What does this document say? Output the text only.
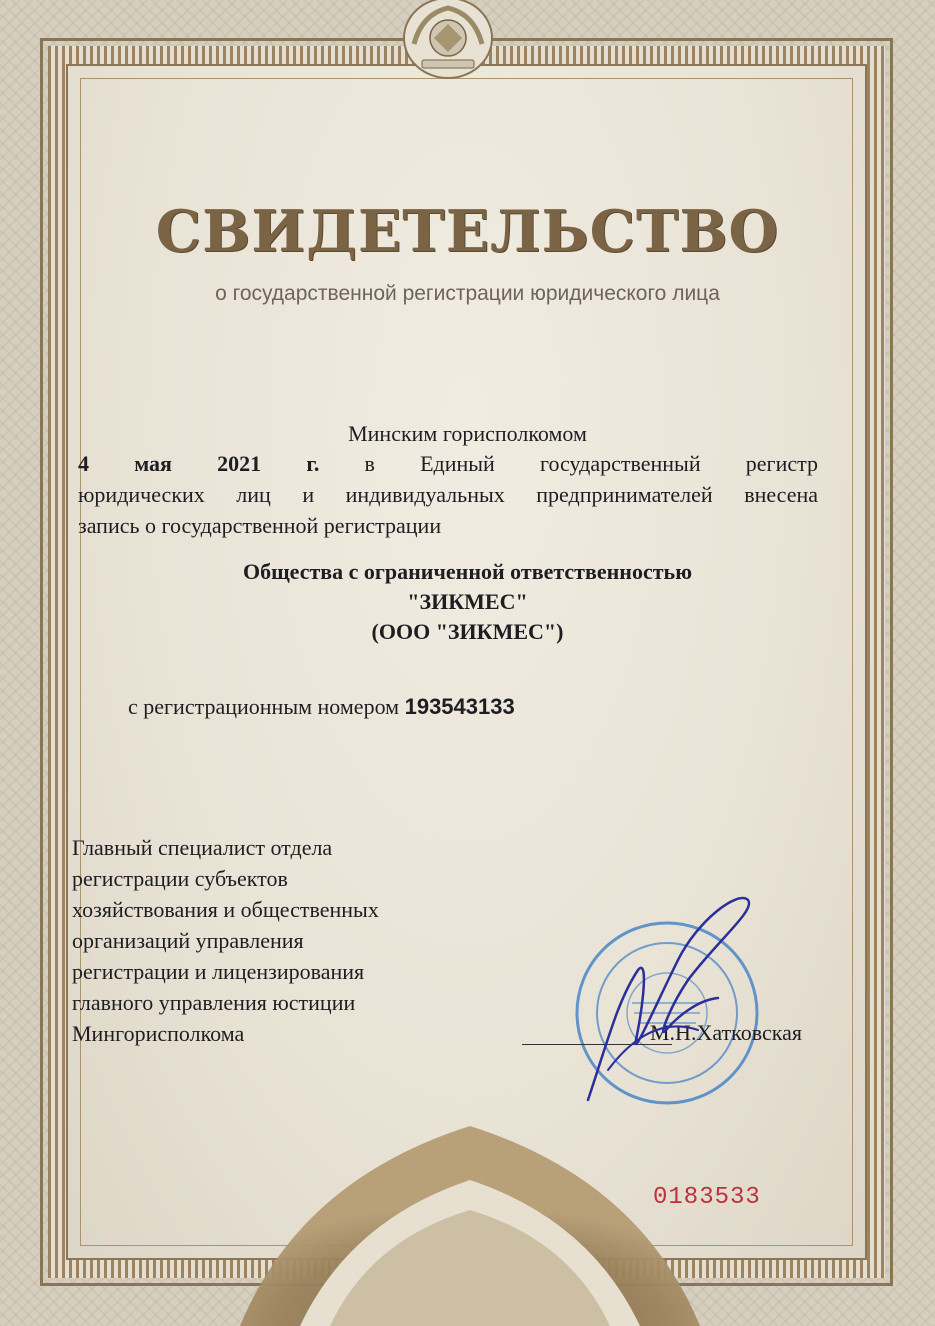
СВИДЕТЕЛЬСТВО
о государственной регистрации юридического лица
Минским горисполкомом
4 мая 2021 г. в Единый государственный регистр
юридических лиц и индивидуальных предпринимателей внесена
запись о государственной регистрации
Общества с ограниченной ответственностью
"ЗИКМЕС"
(ООО "ЗИКМЕС")
с регистрационным номером 193543133
Главный специалист отдела
регистрации субъектов
хозяйствования и общественных
организаций управления
регистрации и лицензирования
главного управления юстиции
Мингорисполкома	М.Н.Хатковская
0183533
